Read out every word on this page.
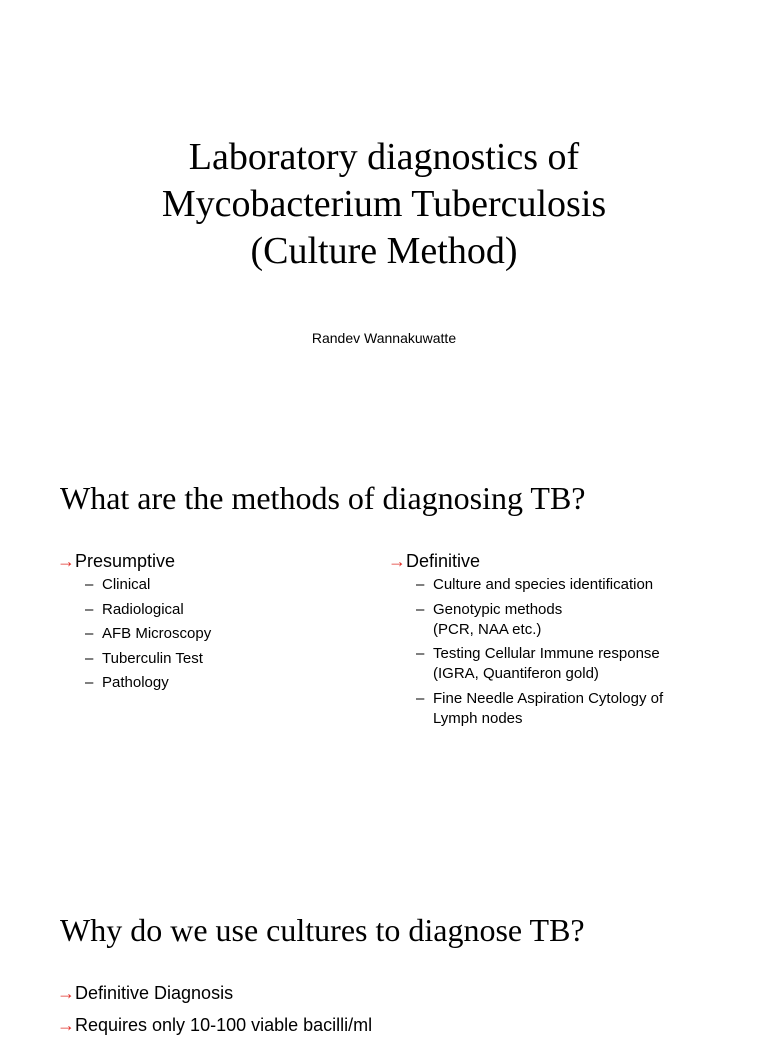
Laboratory diagnostics of
Mycobacterium Tuberculosis
(Culture Method)
Randev Wannakuwatte
What are the methods of diagnosing TB?
→Presumptive
– Clinical
– Radiological
– AFB Microscopy
– Tuberculin Test
– Pathology
→Definitive
– Culture and species identification
– Genotypic methods
(PCR, NAA etc.)
– Testing Cellular Immune response
(IGRA, Quantiferon gold)
– Fine Needle Aspiration Cytology of
Lymph nodes
Why do we use cultures to diagnose TB?
→Definitive Diagnosis
→Requires only 10-100 viable bacilli/ml
